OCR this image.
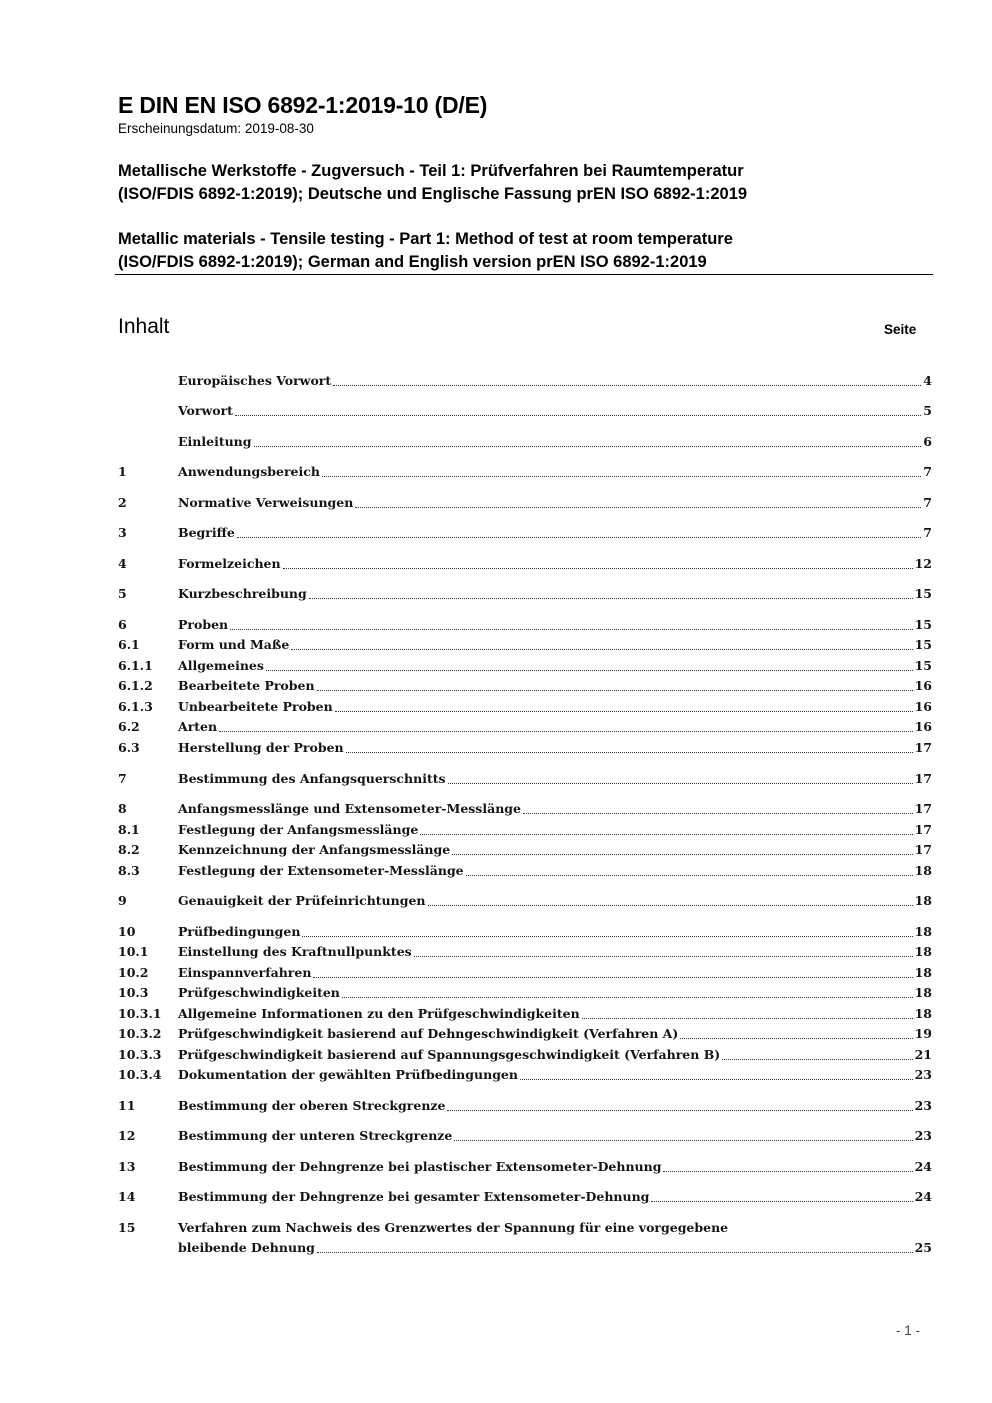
E DIN EN ISO 6892-1:2019-10 (D/E)
Erscheinungsdatum: 2019-08-30
Metallische Werkstoffe - Zugversuch - Teil 1: Prüfverfahren bei Raumtemperatur
(ISO/FDIS 6892-1:2019); Deutsche und Englische Fassung prEN ISO 6892-1:2019
Metallic materials - Tensile testing - Part 1: Method of test at room temperature
(ISO/FDIS 6892-1:2019); German and English version prEN ISO 6892-1:2019
Inhalt	Seite
Europäisches Vorwort	4
Vorwort	5
Einleitung	6
1	Anwendungsbereich	7
2	Normative Verweisungen	7
3	Begriffe	7
4	Formelzeichen	12
5	Kurzbeschreibung	15
6	Proben	15
6.1	Form und Maße	15
6.1.1	Allgemeines	15
6.1.2	Bearbeitete Proben	16
6.1.3	Unbearbeitete Proben	16
6.2	Arten	16
6.3	Herstellung der Proben	17
7	Bestimmung des Anfangsquerschnitts	17
8	Anfangsmesslänge und Extensometer-Messlänge	17
8.1	Festlegung der Anfangsmesslänge	17
8.2	Kennzeichnung der Anfangsmesslänge	17
8.3	Festlegung der Extensometer-Messlänge	18
9	Genauigkeit der Prüfeinrichtungen	18
10	Prüfbedingungen	18
10.1	Einstellung des Kraftnullpunktes	18
10.2	Einspannverfahren	18
10.3	Prüfgeschwindigkeiten	18
10.3.1	Allgemeine Informationen zu den Prüfgeschwindigkeiten	18
10.3.2	Prüfgeschwindigkeit basierend auf Dehngeschwindigkeit (Verfahren A)	19
10.3.3	Prüfgeschwindigkeit basierend auf Spannungsgeschwindigkeit (Verfahren B)	21
10.3.4	Dokumentation der gewählten Prüfbedingungen	23
11	Bestimmung der oberen Streckgrenze	23
12	Bestimmung der unteren Streckgrenze	23
13	Bestimmung der Dehngrenze bei plastischer Extensometer-Dehnung	24
14	Bestimmung der Dehngrenze bei gesamter Extensometer-Dehnung	24
15	Verfahren zum Nachweis des Grenzwertes der Spannung für eine vorgegebene
bleibende Dehnung	25
- 1 -
